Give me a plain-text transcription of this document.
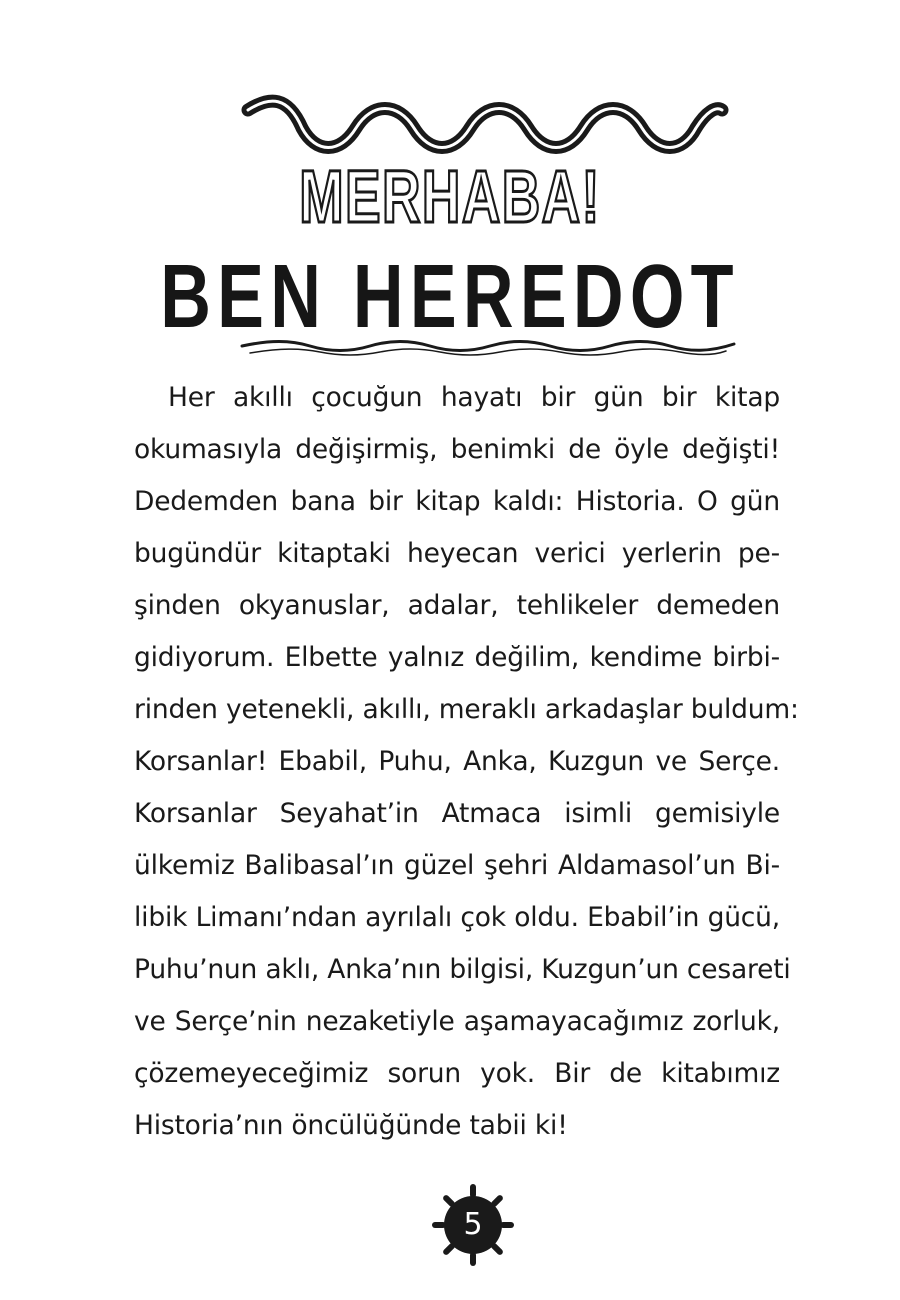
MERHABA!
BEN HEREDOT
Her akıllı çocuğun hayatı bir gün bir kitap
okumasıyla değişirmiş, benimki de öyle değişti!
Dedemden bana bir kitap kaldı: Historia. O gün
bugündür kitaptaki heyecan verici yerlerin pe-
şinden okyanuslar, adalar, tehlikeler demeden
gidiyorum. Elbette yalnız değilim, kendime birbi-
rinden yetenekli, akıllı, meraklı arkadaşlar buldum:
Korsanlar! Ebabil, Puhu, Anka, Kuzgun ve Serçe.
Korsanlar Seyahat’in Atmaca isimli gemisiyle
ülkemiz Balibasal’ın güzel şehri Aldamasol’un Bi-
libik Limanı’ndan ayrılalı çok oldu. Ebabil’in gücü,
Puhu’nun aklı, Anka’nın bilgisi, Kuzgun’un cesareti
ve Serçe’nin nezaketiyle aşamayacağımız zorluk,
çözemeyeceğimiz sorun yok. Bir de kitabımız
Historia’nın öncülüğünde tabii ki!
5
